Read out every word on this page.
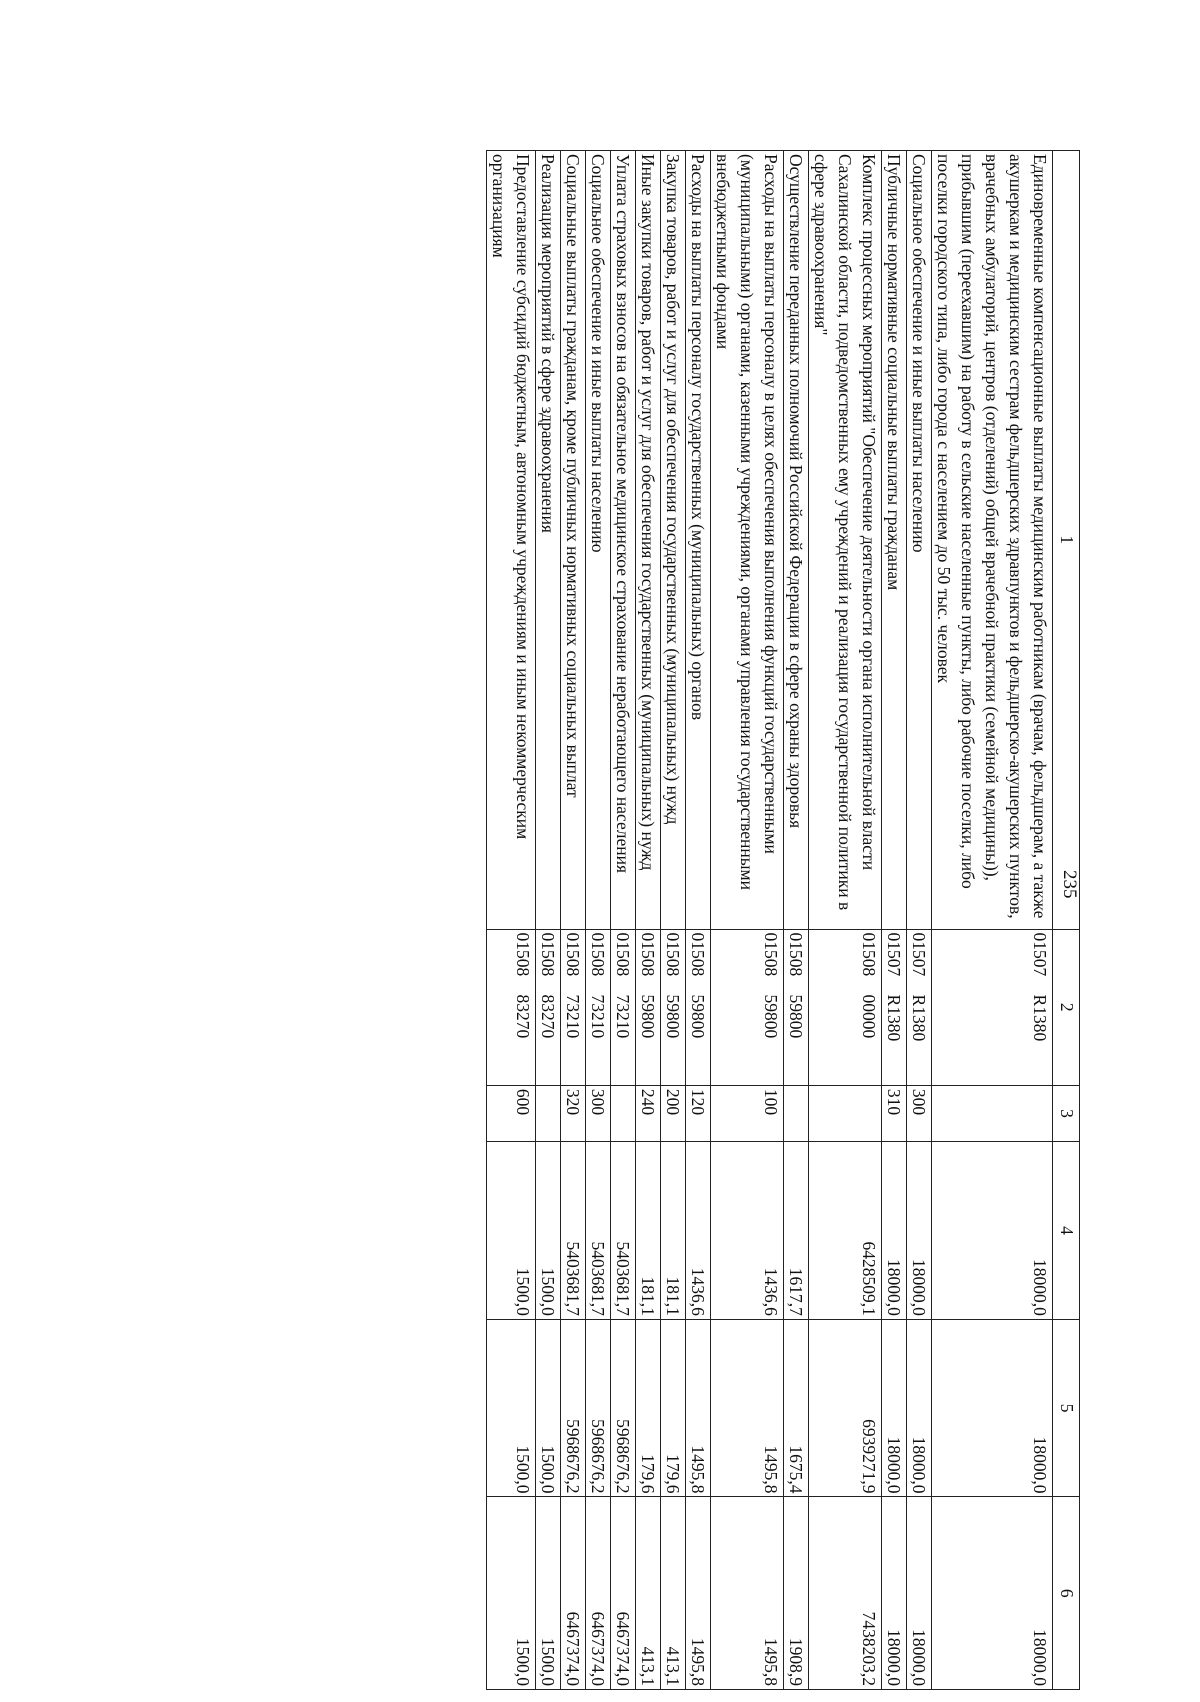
235
1	2	3	4	5	6
Единовременные компенсационные выплаты медицинским работникам (врачам, фельдшерам, а также акушеркам и медицинским сестрам фельдшерских здравпунктов и фельдшерско-акушерских пунктов, врачебных амбулаторий, центров (отделений) общей врачебной практики (семейной медицины)), прибывшим (переехавшим) на работу в сельские населенные пункты, либо рабочие поселки, либо поселки городского типа, либо города с населением до 50 тыс. человек	01507R1380		18000,0	18000,0	18000,0
Социальное обеспечение и иные выплаты населению	01507R1380	300	18000,0	18000,0	18000,0
Публичные нормативные социальные выплаты гражданам	01507R1380	310	18000,0	18000,0	18000,0
Комплекс процессных мероприятий "Обеспечение деятельности органа исполнительной власти Сахалинской области, подведомственных ему учреждений и реализация государственной политики в сфере здравоохранения"	0150800000		6428509,1	6939271,9	7438203,2
Осуществление переданных полномочий Российской Федерации в сфере охраны здоровья	0150859800		1617,7	1675,4	1908,9
Расходы на выплаты персоналу в целях обеспечения выполнения функций государственными (муниципальными) органами, казенными учреждениями, органами управления государственными внебюджетными фондами	0150859800	100	1436,6	1495,8	1495,8
Расходы на выплаты персоналу государственных (муниципальных) органов	0150859800	120	1436,6	1495,8	1495,8
Закупка товаров, работ и услуг для обеспечения государственных (муниципальных) нужд	0150859800	200	181,1	179,6	413,1
Иные закупки товаров, работ и услуг для обеспечения государственных (муниципальных) нужд	0150859800	240	181,1	179,6	413,1
Уплата страховых взносов на обязательное медицинское страхование неработающего населения	0150873210		5403681,7	5968676,2	6467374,0
Социальное обеспечение и иные выплаты населению	0150873210	300	5403681,7	5968676,2	6467374,0
Социальные выплаты гражданам, кроме публичных нормативных социальных выплат	0150873210	320	5403681,7	5968676,2	6467374,0
Реализация мероприятий в сфере здравоохранения	0150883270		1500,0	1500,0	1500,0
Предоставление субсидий бюджетным, автономным учреждениям и иным некоммерческим организациям	0150883270	600	1500,0	1500,0	1500,0
